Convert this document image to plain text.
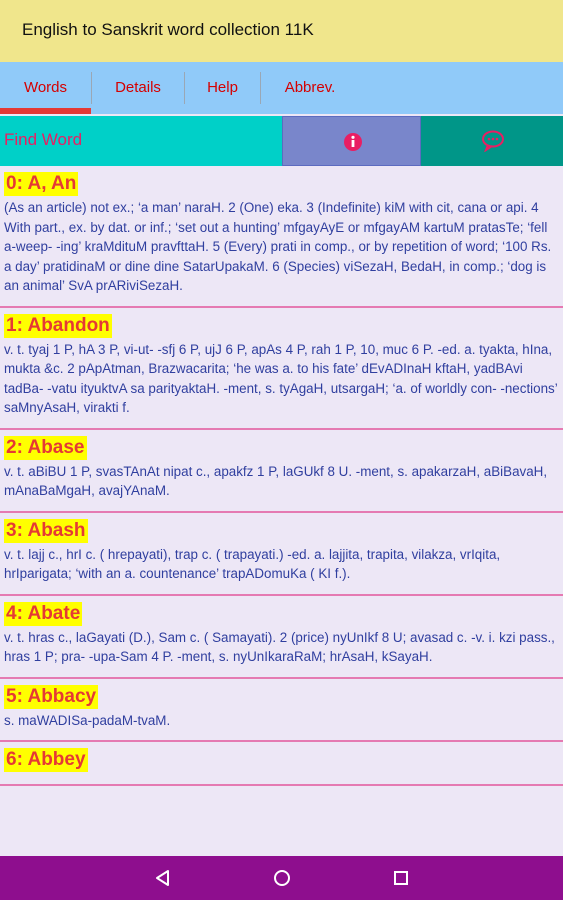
English to Sanskrit word collection 11K
Words	Details	Help	Abbrev.
Find Word
0: A, An
(As an article) not ex.; ‘a man’ naraH. 2 (One) eka. 3 (Indefinite) kiM with cit, cana or api. 4 With part., ex. by dat. or inf.; ‘set out a hunting’ mfgayAyE or mfgayAM kartuM pratasTe; ‘fell a-weep- -ing’ kraMdituM pravfttaH. 5 (Every) prati in comp., or by repetition of word; ‘100 Rs. a day’ pratidinaM or dine dine SatarUpakaM. 6 (Species) viSezaH, BedaH, in comp.; ‘dog is an animal’ SvA prARiviSezaH.
1: Abandon
v. t. tyaj 1 P, hA 3 P, vi-ut- -sfj 6 P, ujJ 6 P, apAs 4 P, rah 1 P, 10, muc 6 P. -ed. a. tyakta, hIna, mukta &c. 2 pApAtman, Brazwacarita; ‘he was a. to his fate’ dEvADInaH kftaH, yadBAvi tadBa- -vatu ityuktvA sa parityaktaH. -ment, s. tyAgaH, utsargaH; ‘a. of worldly con- -nections’ saMnyAsaH, virakti f.
2: Abase
v. t. aBiBU 1 P, svasTAnAt nipat c., apakfz 1 P, laGUkf 8 U. -ment, s. apakarzaH, aBiBavaH, mAnaBaMgaH, avajYAnaM.
3: Abash
v. t. lajj c., hrI c. ( hrepayati), trap c. ( trapayati.) -ed. a. lajjita, trapita, vilakza, vrIqita, hrIparigata; ‘with an a. countenance’ trapADomuKa ( KI f.).
4: Abate
v. t. hras c., laGayati (D.), Sam c. ( Samayati). 2 (price) nyUnIkf 8 U; avasad c. -v. i. kzi pass., hras 1 P; pra- -upa-Sam 4 P. -ment, s. nyUnIkaraRaM; hrAsaH, kSayaH.
5: Abbacy
s. maWADISa-padaM-tvaM.
6: Abbey
